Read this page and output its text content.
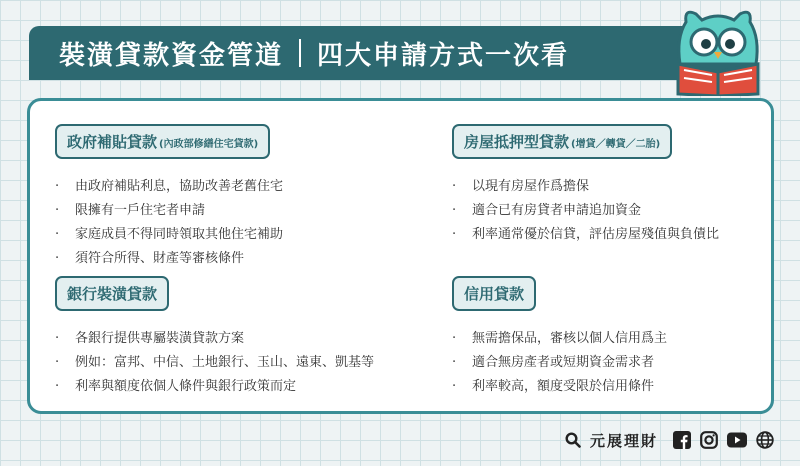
裝潢貸款資金管道 四大申請方式一次看
政府補貼貸款 (內政部修繕住宅貸款)
·	由政府補貼利息，協助改善老舊住宅
·	限擁有一戶住宅者申請
·	家庭成員不得同時領取其他住宅補助
·	須符合所得、財產等審核條件
房屋抵押型貸款 (增貸／轉貸／二胎)
·	以現有房屋作爲擔保
·	適合已有房貸者申請追加資金
·	利率通常優於信貸，評估房屋殘值與負債比
銀行裝潢貸款
·	各銀行提供專屬裝潢貸款方案
·	例如：富邦、中信、土地銀行、玉山、遠東、凱基等
·	利率與額度依個人條件與銀行政策而定
信用貸款
·	無需擔保品，審核以個人信用爲主
·	適合無房產者或短期資金需求者
·	利率較高，額度受限於信用條件
元展理財
